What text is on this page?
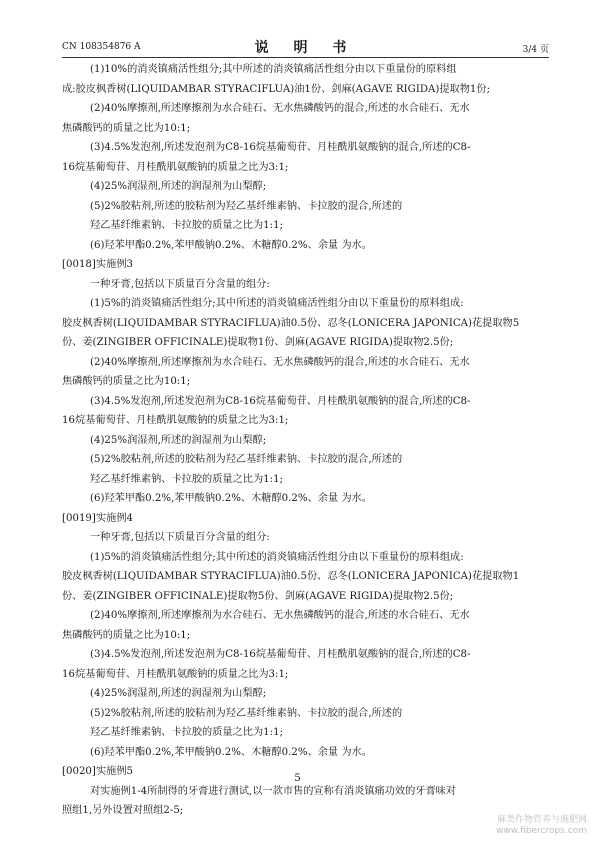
CN 108354876 A	说 明 书	3/4 页

(1)10%的消炎镇痛活性组分;其中所述的消炎镇痛活性组分由以下重量份的原料组

成:胶皮枫香树(LIQUIDAMBAR STYRACIFLUA)油1份、剑麻(AGAVE RIGIDA)提取物1份;

(2)40%摩擦剂,所述摩擦剂为水合硅石、无水焦磷酸钙的混合,所述的水合硅石、无水

焦磷酸钙的质量之比为10:1;

(3)4.5%发泡剂,所述发泡剂为C8-16烷基葡萄苷、月桂酰肌氨酸钠的混合,所述的C8-

16烷基葡萄苷、月桂酰肌氨酸钠的质量之比为3:1;

(4)25%润湿剂,所述的润湿剂为山梨醇;

(5)2%胶粘剂,所述的胶粘剂为羟乙基纤维素钠、卡拉胶的混合,所述的

羟乙基纤维素钠、卡拉胶的质量之比为1:1;

(6)羟苯甲酯0.2%,苯甲酸钠0.2%、木糖醇0.2%、余量 为水。

[0018]实施例3

一种牙膏,包括以下质量百分含量的组分:

(1)5%的消炎镇痛活性组分;其中所述的消炎镇痛活性组分由以下重量份的原料组成:

胶皮枫香树(LIQUIDAMBAR STYRACIFLUA)油0.5份、忍冬(LONICERA JAPONICA)花提取物5

份、姜(ZINGIBER OFFICINALE)提取物1份、剑麻(AGAVE RIGIDA)提取物2.5份;

(2)40%摩擦剂,所述摩擦剂为水合硅石、无水焦磷酸钙的混合,所述的水合硅石、无水

焦磷酸钙的质量之比为10:1;

(3)4.5%发泡剂,所述发泡剂为C8-16烷基葡萄苷、月桂酰肌氨酸钠的混合,所述的C8-

16烷基葡萄苷、月桂酰肌氨酸钠的质量之比为3:1;

(4)25%润湿剂,所述的润湿剂为山梨醇;

(5)2%胶粘剂,所述的胶粘剂为羟乙基纤维素钠、卡拉胶的混合,所述的

羟乙基纤维素钠、卡拉胶的质量之比为1:1;

(6)羟苯甲酯0.2%,苯甲酸钠0.2%、木糖醇0.2%、余量 为水。

[0019]实施例4

一种牙膏,包括以下质量百分含量的组分:

(1)5%的消炎镇痛活性组分;其中所述的消炎镇痛活性组分由以下重量份的原料组成:

胶皮枫香树(LIQUIDAMBAR STYRACIFLUA)油0.5份、忍冬(LONICERA JAPONICA)花提取物1

份、姜(ZINGIBER OFFICINALE)提取物5份、剑麻(AGAVE RIGIDA)提取物2.5份;

(2)40%摩擦剂,所述摩擦剂为水合硅石、无水焦磷酸钙的混合,所述的水合硅石、无水

焦磷酸钙的质量之比为10:1;

(3)4.5%发泡剂,所述发泡剂为C8-16烷基葡萄苷、月桂酰肌氨酸钠的混合,所述的C8-

16烷基葡萄苷、月桂酰肌氨酸钠的质量之比为3:1;

(4)25%润湿剂,所述的润湿剂为山梨醇;

(5)2%胶粘剂,所述的胶粘剂为羟乙基纤维素钠、卡拉胶的混合,所述的

羟乙基纤维素钠、卡拉胶的质量之比为1:1;

(6)羟苯甲酯0.2%,苯甲酸钠0.2%、木糖醇0.2%、余量 为水。

[0020]实施例5

对实施例1-4所制得的牙膏进行测试,以一款市售的宣称有消炎镇痛功效的牙膏味对

照组1,另外设置对照组2-5;

5
麻类作物营养与施肥网
www.fibercrops.com
